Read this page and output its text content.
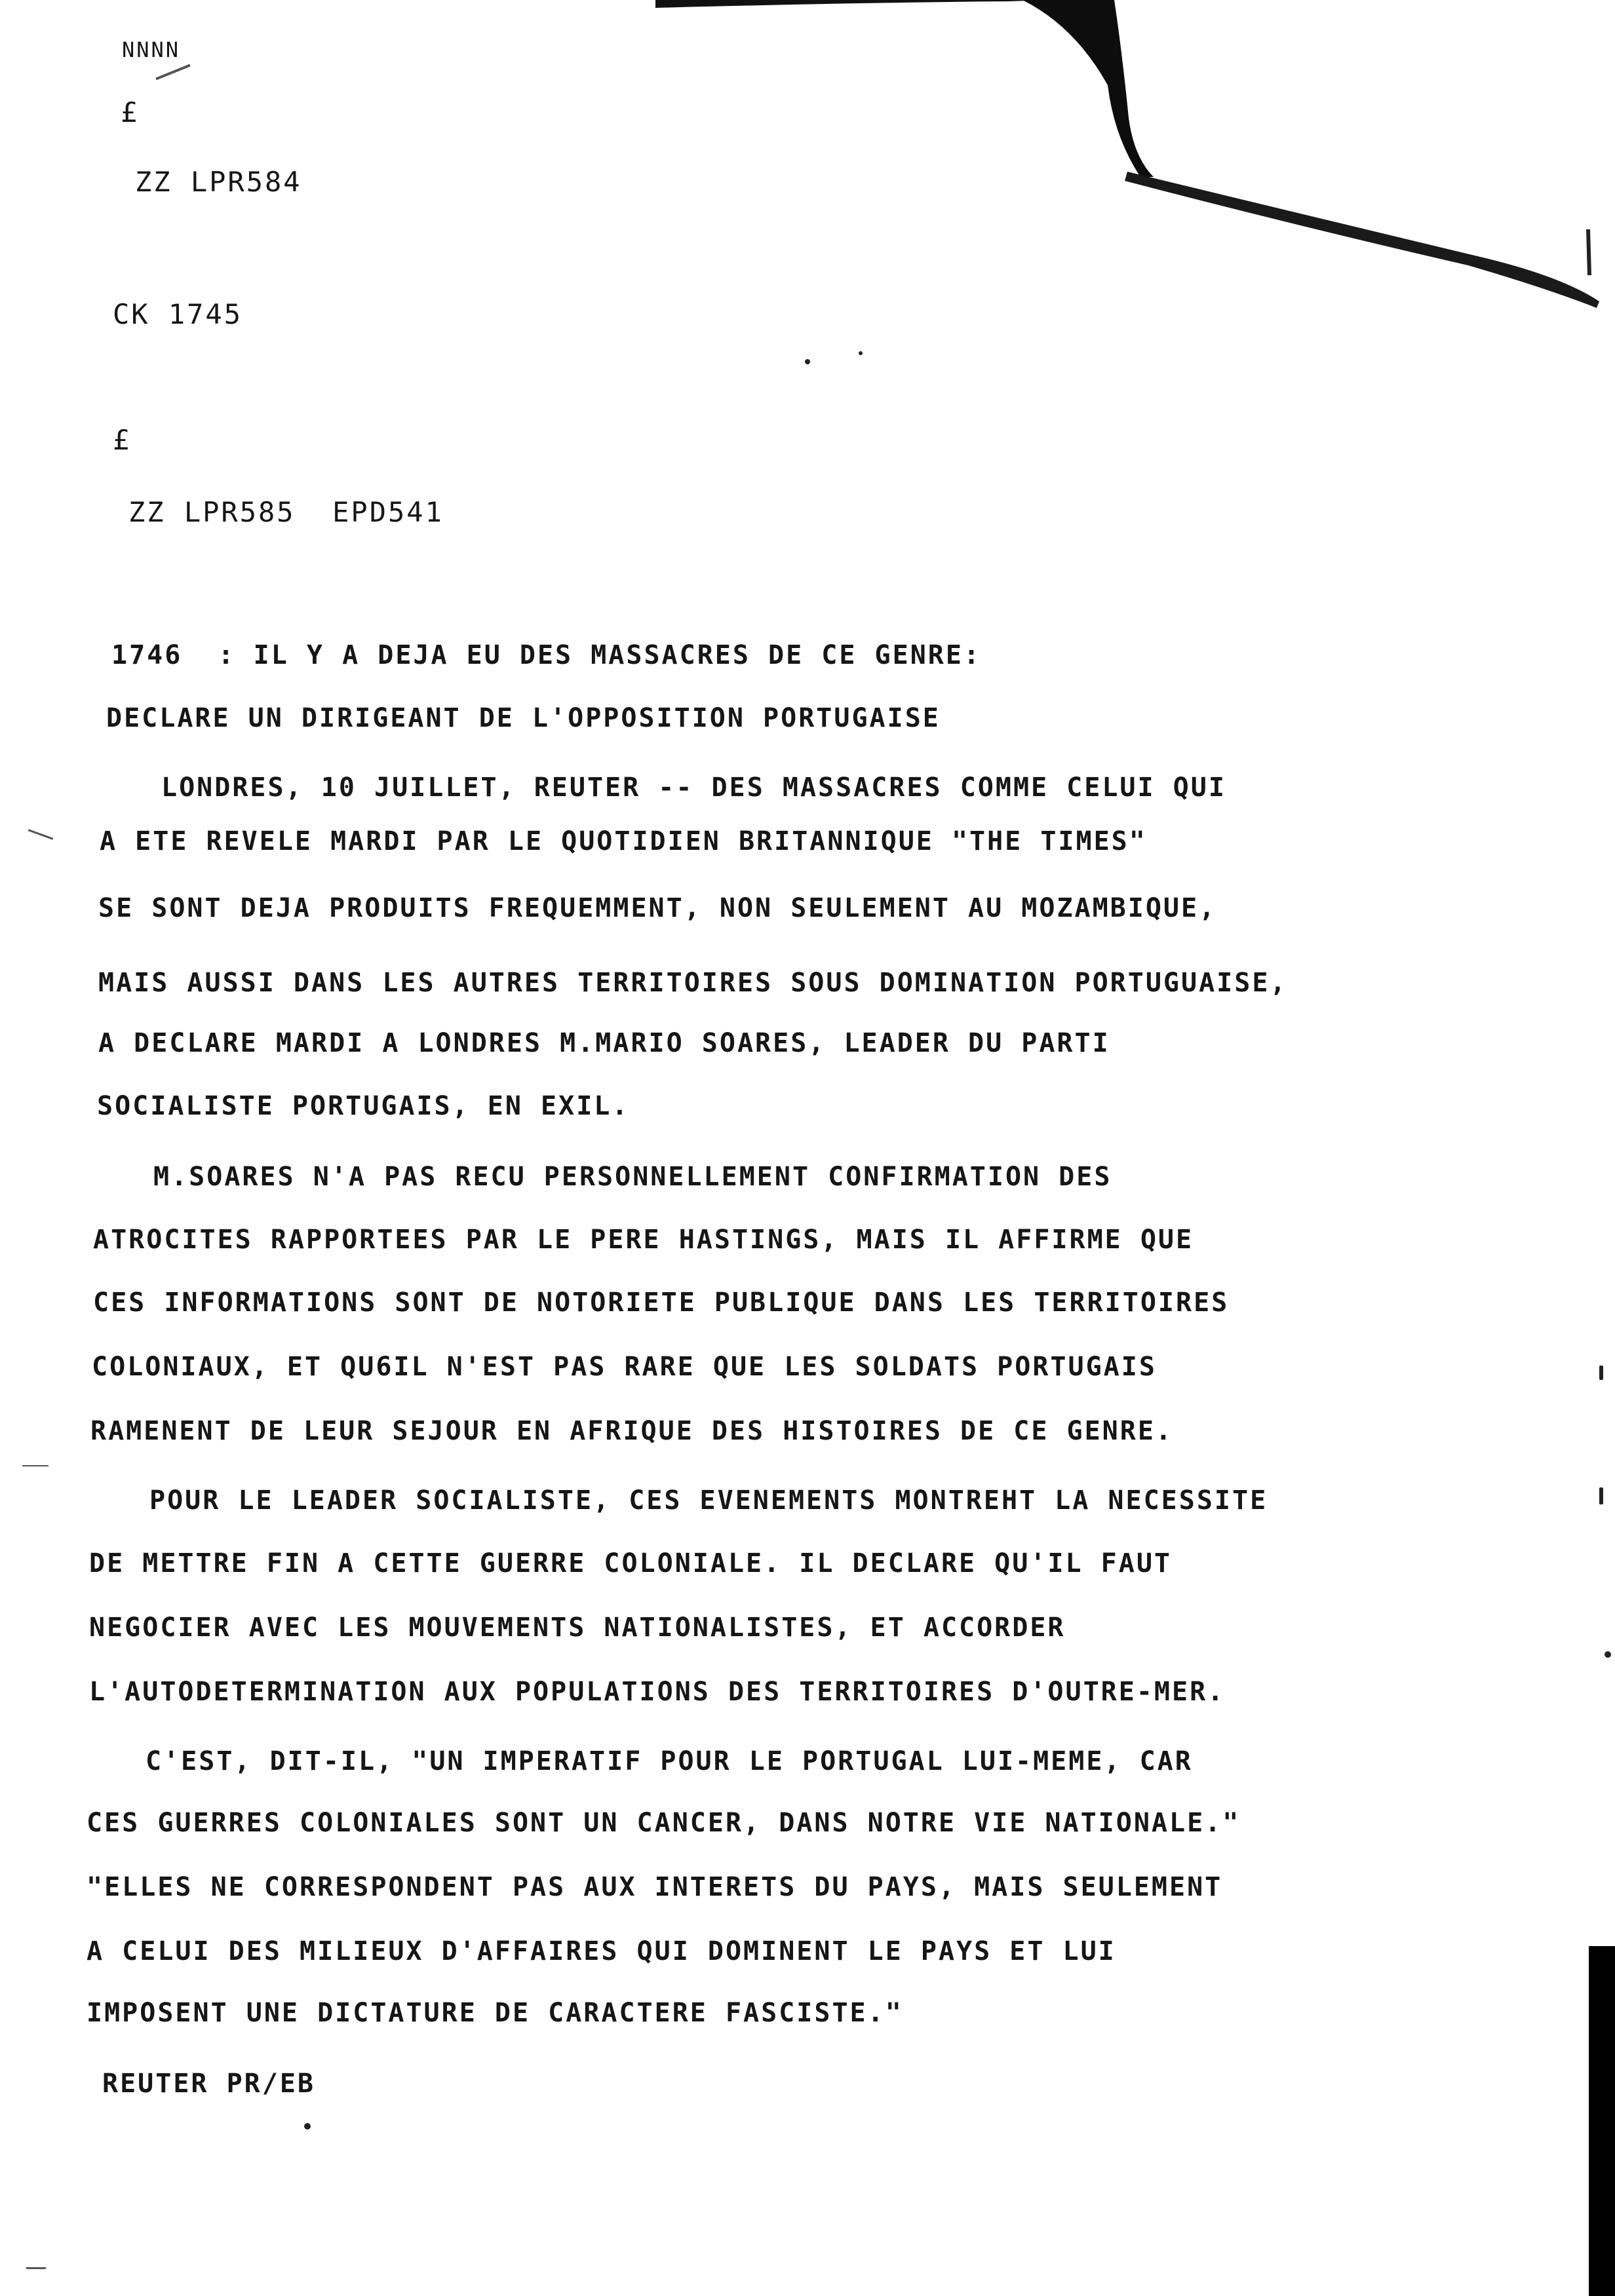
NNNN
£
ZZ LPR584
CK 1745
£
ZZ LPR585  EPD541
1746  : IL Y A DEJA EU DES MASSACRES DE CE GENRE:
DECLARE UN DIRIGEANT DE L'OPPOSITION PORTUGAISE
LONDRES, 10 JUILLET, REUTER -- DES MASSACRES COMME CELUI QUI
A ETE REVELE MARDI PAR LE QUOTIDIEN BRITANNIQUE "THE TIMES"
SE SONT DEJA PRODUITS FREQUEMMENT, NON SEULEMENT AU MOZAMBIQUE,
MAIS AUSSI DANS LES AUTRES TERRITOIRES SOUS DOMINATION PORTUGUAISE,
A DECLARE MARDI A LONDRES M.MARIO SOARES, LEADER DU PARTI
SOCIALISTE PORTUGAIS, EN EXIL.
M.SOARES N'A PAS RECU PERSONNELLEMENT CONFIRMATION DES
ATROCITES RAPPORTEES PAR LE PERE HASTINGS, MAIS IL AFFIRME QUE
CES INFORMATIONS SONT DE NOTORIETE PUBLIQUE DANS LES TERRITOIRES
COLONIAUX, ET QU6IL N'EST PAS RARE QUE LES SOLDATS PORTUGAIS
RAMENENT DE LEUR SEJOUR EN AFRIQUE DES HISTOIRES DE CE GENRE.
POUR LE LEADER SOCIALISTE, CES EVENEMENTS MONTREHT LA NECESSITE
DE METTRE FIN A CETTE GUERRE COLONIALE. IL DECLARE QU'IL FAUT
NEGOCIER AVEC LES MOUVEMENTS NATIONALISTES, ET ACCORDER
L'AUTODETERMINATION AUX POPULATIONS DES TERRITOIRES D'OUTRE-MER.
C'EST, DIT-IL, "UN IMPERATIF POUR LE PORTUGAL LUI-MEME, CAR
CES GUERRES COLONIALES SONT UN CANCER, DANS NOTRE VIE NATIONALE."
"ELLES NE CORRESPONDENT PAS AUX INTERETS DU PAYS, MAIS SEULEMENT
A CELUI DES MILIEUX D'AFFAIRES QUI DOMINENT LE PAYS ET LUI
IMPOSENT UNE DICTATURE DE CARACTERE FASCISTE."
REUTER PR/EB
